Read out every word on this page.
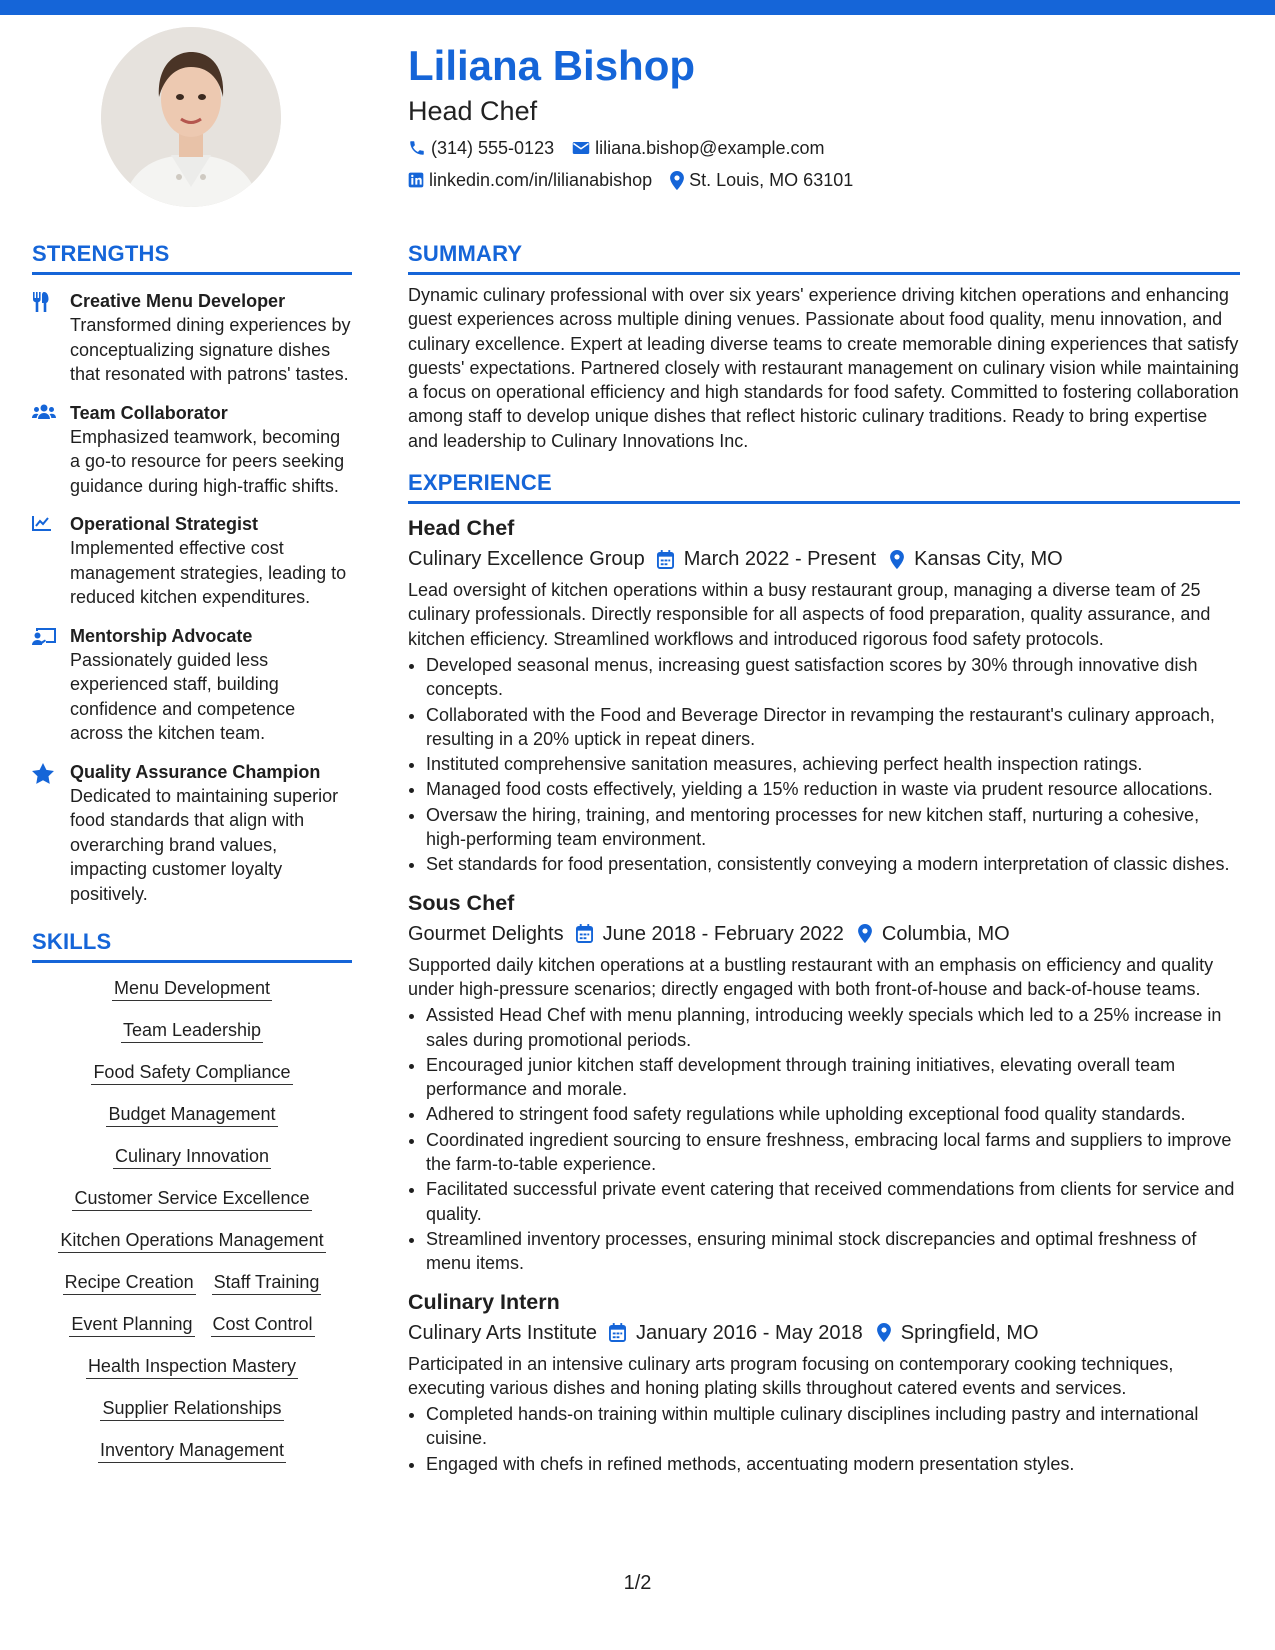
Liliana Bishop
Head Chef
(314) 555-0123 liliana.bishop@example.com
linkedin.com/in/lilianabishop St. Louis, MO 63101
STRENGTHS
Creative Menu Developer
Transformed dining experiences by conceptualizing signature dishes that resonated with patrons' tastes.
Team Collaborator
Emphasized teamwork, becoming a go-to resource for peers seeking guidance during high-traffic shifts.
Operational Strategist
Implemented effective cost management strategies, leading to reduced kitchen expenditures.
Mentorship Advocate
Passionately guided less experienced staff, building confidence and competence across the kitchen team.
Quality Assurance Champion
Dedicated to maintaining superior food standards that align with overarching brand values, impacting customer loyalty positively.
SKILLS
Menu Development
Team Leadership
Food Safety Compliance
Budget Management
Culinary Innovation
Customer Service Excellence
Kitchen Operations Management
Recipe Creation Staff Training
Event Planning Cost Control
Health Inspection Mastery
Supplier Relationships
Inventory Management
SUMMARY
Dynamic culinary professional with over six years' experience driving kitchen operations and enhancing guest experiences across multiple dining venues. Passionate about food quality, menu innovation, and culinary excellence. Expert at leading diverse teams to create memorable dining experiences that satisfy guests' expectations. Partnered closely with restaurant management on culinary vision while maintaining a focus on operational efficiency and high standards for food safety. Committed to fostering collaboration among staff to develop unique dishes that reflect historic culinary traditions. Ready to bring expertise and leadership to Culinary Innovations Inc.
EXPERIENCE
Head Chef
Culinary Excellence Group March 2022 - Present Kansas City, MO
Lead oversight of kitchen operations within a busy restaurant group, managing a diverse team of 25 culinary professionals. Directly responsible for all aspects of food preparation, quality assurance, and kitchen efficiency. Streamlined workflows and introduced rigorous food safety protocols.
• Developed seasonal menus, increasing guest satisfaction scores by 30% through innovative dish concepts.
• Collaborated with the Food and Beverage Director in revamping the restaurant's culinary approach, resulting in a 20% uptick in repeat diners.
• Instituted comprehensive sanitation measures, achieving perfect health inspection ratings.
• Managed food costs effectively, yielding a 15% reduction in waste via prudent resource allocations.
• Oversaw the hiring, training, and mentoring processes for new kitchen staff, nurturing a cohesive, high-performing team environment.
• Set standards for food presentation, consistently conveying a modern interpretation of classic dishes.
Sous Chef
Gourmet Delights June 2018 - February 2022 Columbia, MO
Supported daily kitchen operations at a bustling restaurant with an emphasis on efficiency and quality under high-pressure scenarios; directly engaged with both front-of-house and back-of-house teams.
• Assisted Head Chef with menu planning, introducing weekly specials which led to a 25% increase in sales during promotional periods.
• Encouraged junior kitchen staff development through training initiatives, elevating overall team performance and morale.
• Adhered to stringent food safety regulations while upholding exceptional food quality standards.
• Coordinated ingredient sourcing to ensure freshness, embracing local farms and suppliers to improve the farm-to-table experience.
• Facilitated successful private event catering that received commendations from clients for service and quality.
• Streamlined inventory processes, ensuring minimal stock discrepancies and optimal freshness of menu items.
Culinary Intern
Culinary Arts Institute January 2016 - May 2018 Springfield, MO
Participated in an intensive culinary arts program focusing on contemporary cooking techniques, executing various dishes and honing plating skills throughout catered events and services.
• Completed hands-on training within multiple culinary disciplines including pastry and international cuisine.
• Engaged with chefs in refined methods, accentuating modern presentation styles.
1/2
